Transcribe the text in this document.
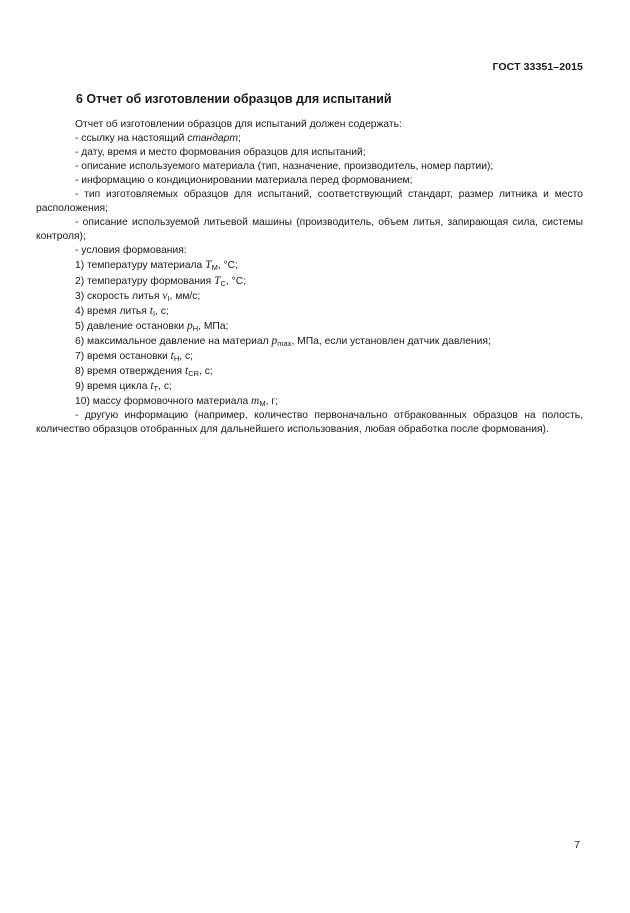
ГОСТ 33351–2015
6 Отчет об изготовлении образцов для испытаний

Отчет об изготовлении образцов для испытаний должен содержать:

- ссылку на настоящий стандарт;

- дату, время и место формования образцов для испытаний;

- описание используемого материала (тип, назначение, производитель, номер партии);

- информацию о кондиционировании материала перед формованием;

- тип изготовляемых образцов для испытаний, соответствующий стандарт, размер литника и место расположения;

- описание используемой литьевой машины (производитель, объем литья, запирающая сила, системы контроля);

- условия формования:

1) температуру материала $T_M$, °C;

2) температуру формования $T_C$, °C;

3) скорость литья $v_I$, мм/с;

4) время литья $t_I$, с;

5) давление остановки $p_H$, МПа;

6) максимальное давление на материал $p_{max}$, МПа, если установлен датчик давления;

7) время остановки $t_H$, с;

8) время отверждения $t_{CR}$, с;

9) время цикла $t_T$, с;

10) массу формовочного материала $m_M$, г;

- другую информацию (например, количество первоначально отбракованных образцов на полость, количество образцов отобранных для дальнейшего использования, любая обработка после формования).

7
